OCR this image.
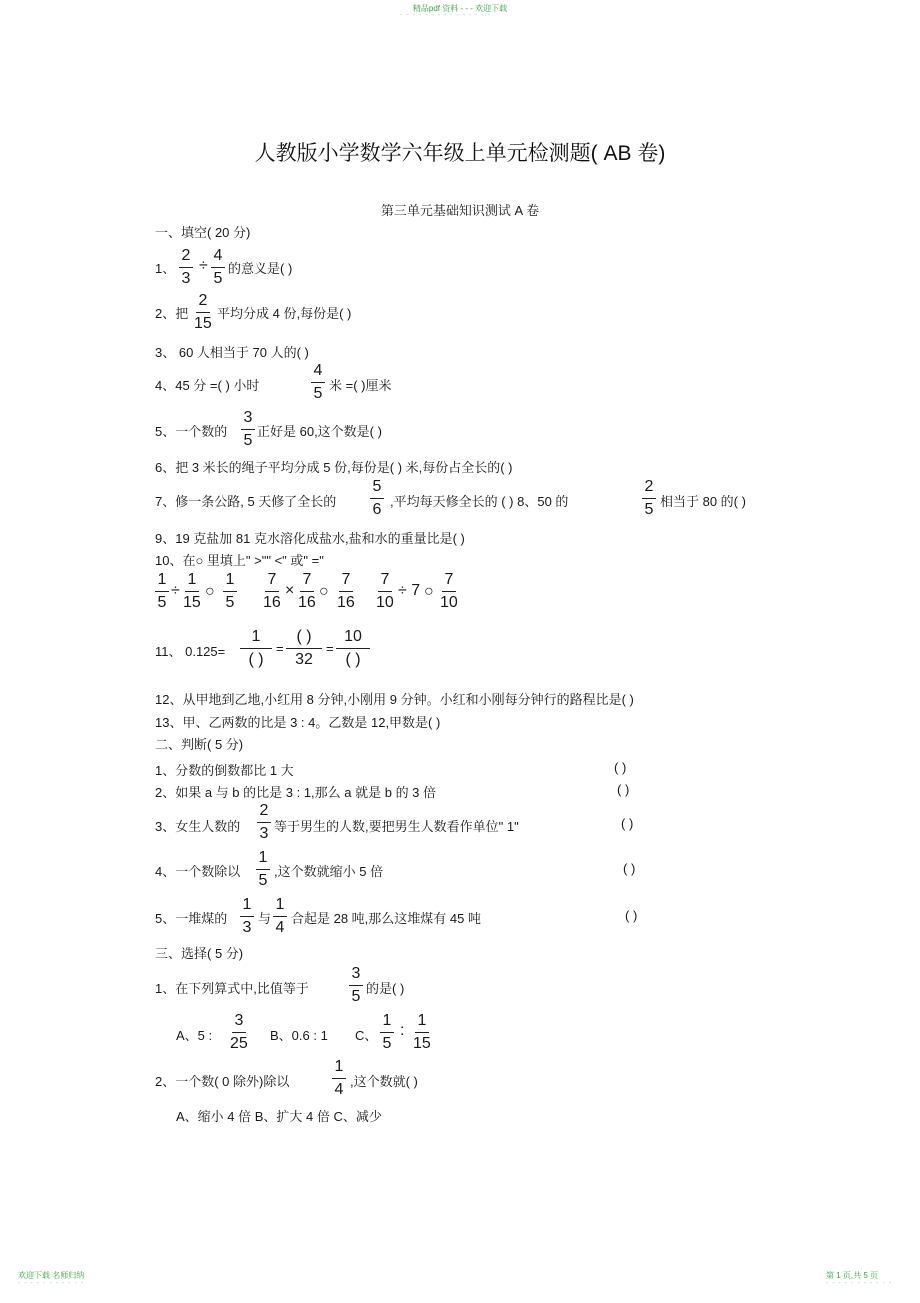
精品pdf 资料 - - - 欢迎下载
- - - - - - - - - - - - - - -
人教版小学数学六年级上单元检测题( AB 卷)
第三单元基础知识测试 A 卷
一、填空( 20 分)
1、 $\frac{2}{3} \div \frac{4}{5}$ 的意义是( )
2、把 $\frac{2}{15}$ 平均分成 4 份,每份是( )
3、 60 人相当于 70 人的( )
4、45 分 =( ) 小时	$\frac{4}{5}$ 米 =( )厘米
5、一个数的 $\frac{3}{5}$ 正好是 60,这个数是( )
6、把 3 米长的绳子平均分成 5 份,每份是( ) 米,每份占全长的( )
7、修一条公路, 5 天修了全长的 $\frac{5}{6}$ ,平均每天修全长的 ( ) 8、50 的	$\frac{2}{5}$ 相当于 80 的( )
9、19 克盐加 81 克水溶化成盐水,盐和水的重量比是( )
10、在○ 里填上" >"" <" 或" ="
$\frac{1}{5} \div \frac{1}{15}$ ○ $\frac{1}{5} \frac{7}{16} \times \frac{7}{16}$ ○ $\frac{7}{16} \frac{7}{10} \div 7$ ○ $\frac{7}{10}$
11、 0.125=
1
( )
=
( )
32
=
10
( )
12、从甲地到乙地,小红用 8 分钟,小刚用 9 分钟。小红和小刚每分钟行的路程比是( )
13、甲、乙两数的比是 3 : 4。乙数是 12,甲数是( )
二、判断( 5 分)
1、分数的倒数都比 1 大	( )
2、如果 a 与 b 的比是 3 : 1,那么 a 就是 b 的 3 倍	( )
3、女生人数的 $\frac{2}{3}$ 等于男生的人数,要把男生人数看作单位" 1"	( )
4、一个数除以 $\frac{1}{5}$ ,这个数就缩小 5 倍	( )
5、一堆煤的 $\frac{1}{3}$ 与 $\frac{1}{4}$ 合起是 28 吨,那么这堆煤有 45 吨	( )
三、选择( 5 分)
1、在下列算式中,比值等于	$\frac{3}{5}$ 的是( )
A、5 : $\frac{3}{25}$ B、0.6 : 1 C、 $\frac{1}{5}$ : $\frac{1}{15}$
2、一个数( 0 除外)除以	$\frac{1}{4}$ ,这个数就( )
A、缩小 4 倍 B、扩大 4 倍 C、减少
欢迎下载 名师归纳
- - - - - - - - - - -
第 1 页,共 5 页
- - - - - - - - - - -
